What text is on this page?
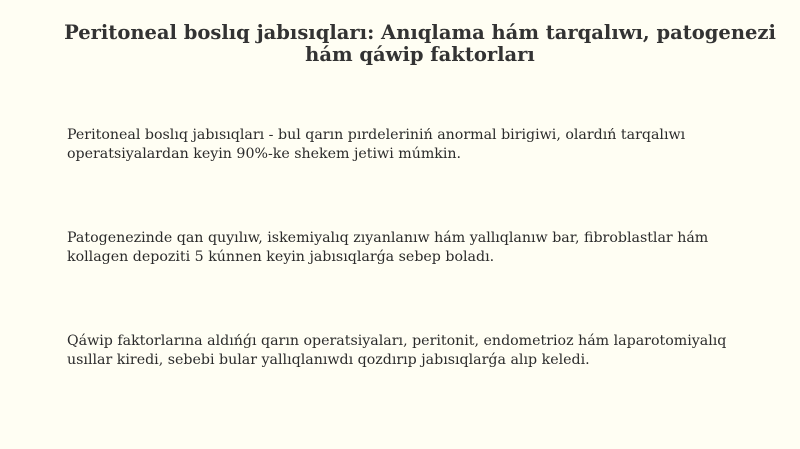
Peritoneal boslıq jabısıqları: Anıqlama hám tarqalıwı, patogenezi hám qáwip faktorları

Peritoneal boslıq jabısıqları - bul qarın pırdeleriniń anormal birigiwi, olardıń tarqalıwı operatsiyalardan keyin 90%-ke shekem jetiwi múmkin.

Patogenezinde qan quyılıw, iskemiyalıq zıyanlanıw hám yallıqlanıw bar, fibroblastlar hám kollagen depoziti 5 kúnnen keyin jabısıqlarǵa sebep boladı.

Qáwip faktorlarına aldıńǵı qarın operatsiyaları, peritonit, endometrioz hám laparotomiyalıq usıllar kiredi, sebebi bular yallıqlanıwdı qozdırıp jabısıqlarǵa alıp keledi.
